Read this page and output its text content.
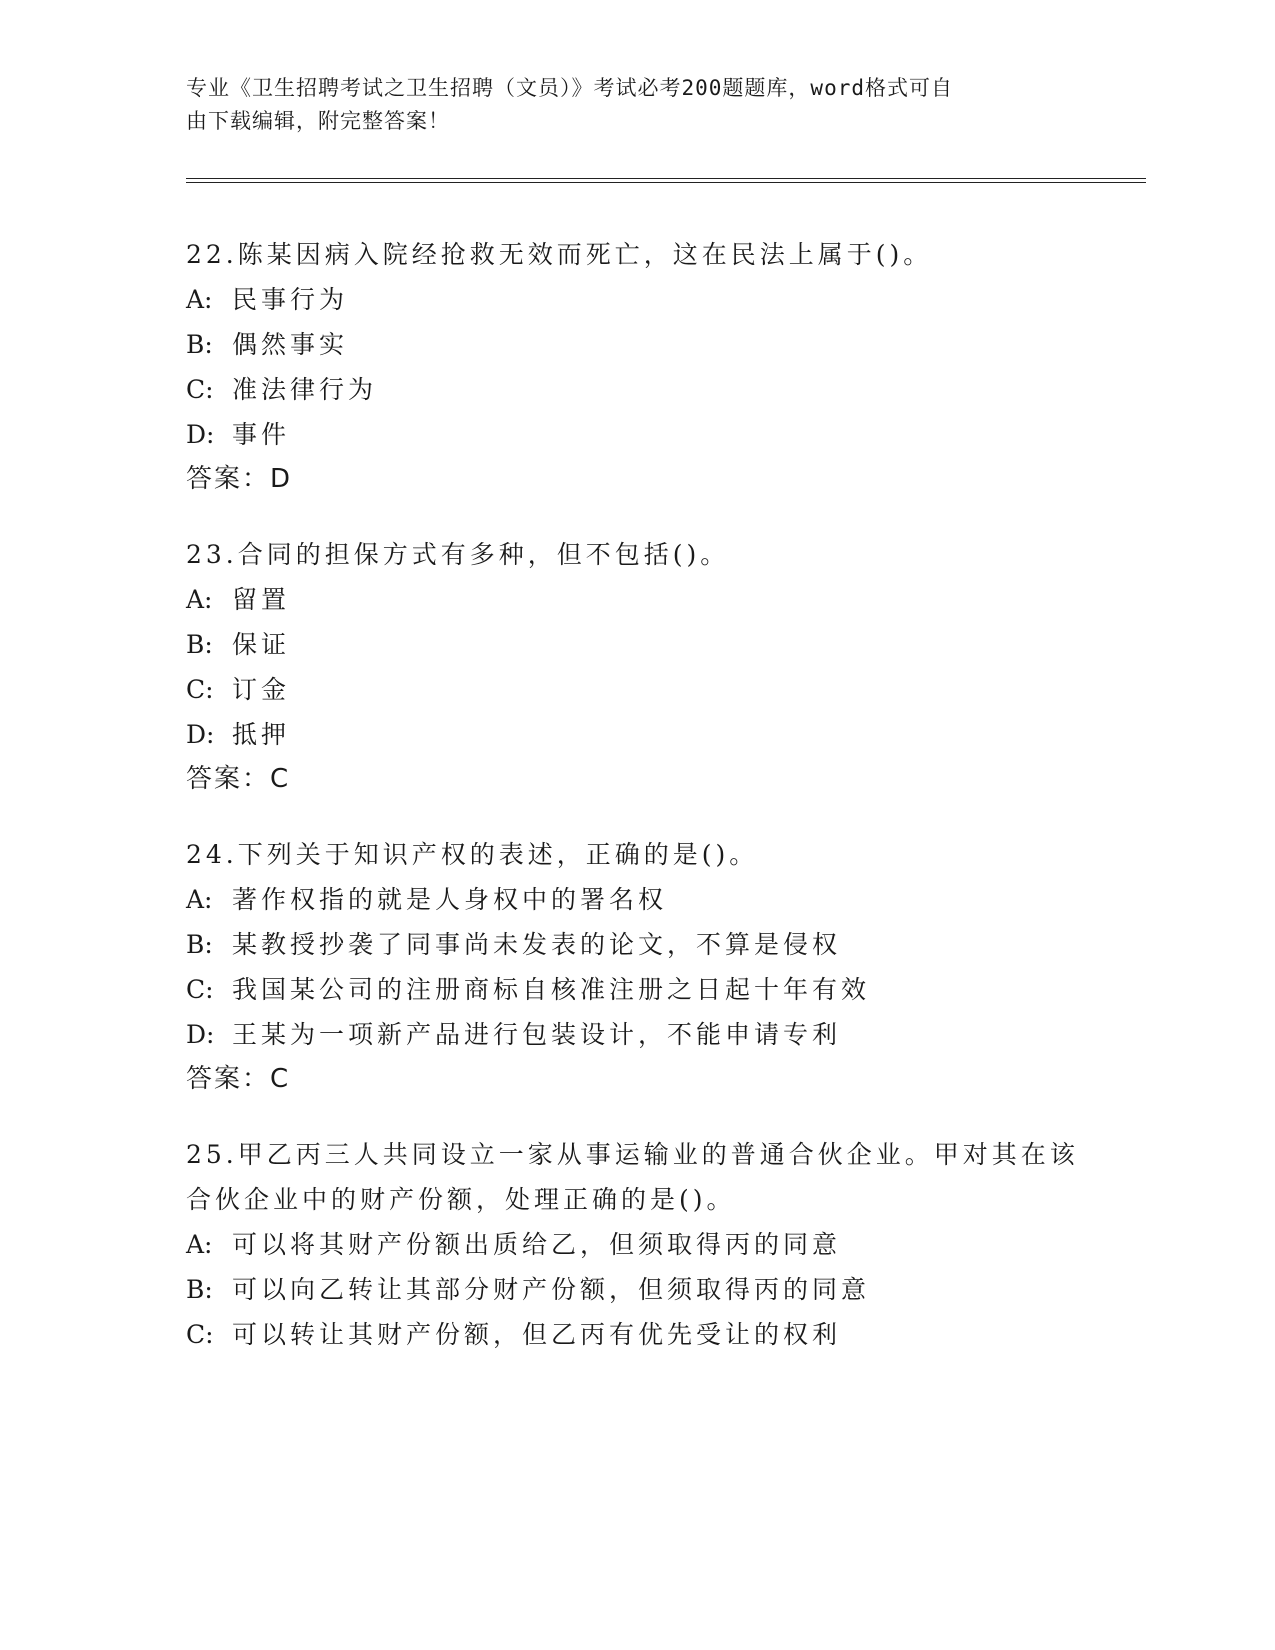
专业《卫生招聘考试之卫生招聘（文员）》考试必考200题题库，word格式可自
由下载编辑，附完整答案！
22.陈某因病入院经抢救无效而死亡，这在民法上属于()。
A: 民事行为
B: 偶然事实
C: 准法律行为
D: 事件
答案：D
23.合同的担保方式有多种，但不包括()。
A: 留置
B: 保证
C: 订金
D: 抵押
答案：C
24.下列关于知识产权的表述，正确的是()。
A: 著作权指的就是人身权中的署名权
B: 某教授抄袭了同事尚未发表的论文，不算是侵权
C: 我国某公司的注册商标自核准注册之日起十年有效
D: 王某为一项新产品进行包装设计，不能申请专利
答案：C
25.甲乙丙三人共同设立一家从事运输业的普通合伙企业。甲对其在该
合伙企业中的财产份额，处理正确的是()。
A: 可以将其财产份额出质给乙，但须取得丙的同意
B: 可以向乙转让其部分财产份额，但须取得丙的同意
C: 可以转让其财产份额，但乙丙有优先受让的权利
